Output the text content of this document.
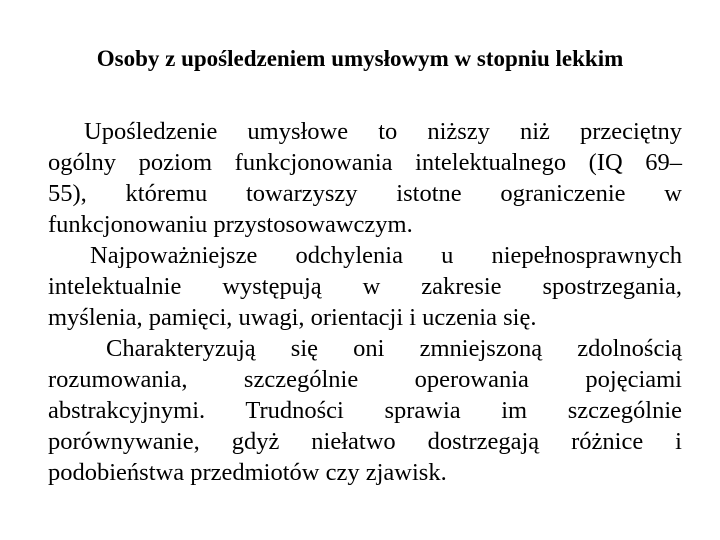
Osoby z upośledzeniem umysłowym w stopniu lekkim

Upośledzenie umysłowe to niższy niż przeciętny
ogólny poziom funkcjonowania intelektualnego (IQ 69–
55), któremu towarzyszy istotne ograniczenie w
funkcjonowaniu przystosowawczym.

Najpoważniejsze odchylenia u niepełnosprawnych
intelektualnie występują w zakresie spostrzegania,
myślenia, pamięci, uwagi, orientacji i uczenia się.

Charakteryzują się oni zmniejszoną zdolnością
rozumowania, szczególnie operowania pojęciami
abstrakcyjnymi. Trudności sprawia im szczególnie
porównywanie, gdyż niełatwo dostrzegają różnice i
podobieństwa przedmiotów czy zjawisk.
